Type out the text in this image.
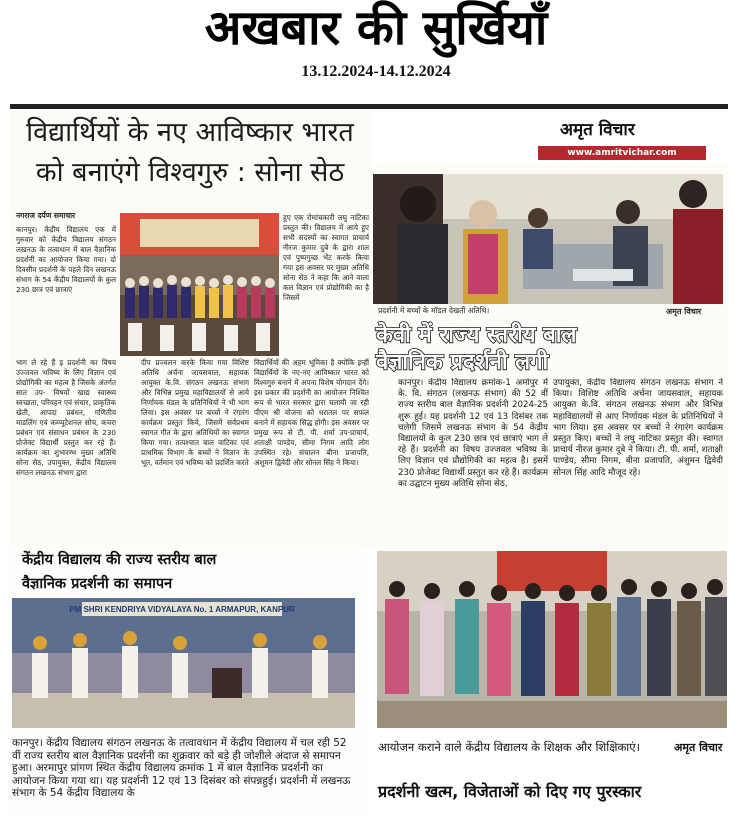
अखबार की सुर्खियाँ
13.12.2024-14.12.2024
विद्यार्थियों के नए आविष्कार भारत
को बनाएंगे विश्वगुरु : सोना सेठ
नगराज दर्पण समाचार
कानपुर। केंद्रीय विद्यालय एक में गुरुवार को केंद्रीय विद्यालय संगठन लखनऊ के तत्वाधान में बाल वैज्ञानिक प्रदर्शनी का आयोजन किया गया। दो दिवसीय प्रदर्शनी के पहले दिन लखनऊ संभाग के 54 केंद्रीय विद्यालयों के कुल 230 छात्र एवं छात्राएं
हुए एक रोमांचकारी लघु नाटिका प्रस्तुत की। विद्यालय में आये हुए सभी सदस्यों का स्वागत प्राचार्य नीरज कुमार दुबे के द्वारा शाल एवं पुष्पगुच्छ भेंट करके किया गया इस अवसर पर मुख्य अतिथि सोना सेठ ने कहा कि आने वाला कल विज्ञान एवं प्रोद्योगिकी का है जिसमें
भाग ले रहे हैं इ प्रदर्शनी का विषय उज्जवल भविष्य के लिए विज्ञान एवं प्रोद्योगिकी का महत्व है जिसके अंतर्गत सात उप- विषयों खाद्य स्वास्थ्य स्वच्छता, परिवहन एवं संचार, प्राकृतिक खेती, आपदा प्रबंधन, गणितीय माडलिंग एवं कम्प्यूटेशनल सोच, कचरा प्रबंधन एवं संसाधन प्रबंधन के 230 प्रोजेक्ट विद्यार्थी प्रस्तुत कर रहे हैं। कार्यक्रम का शुभारम्भ मुख्य अतिथि सोना सेठ, उपायुक्त, केंद्रीय विद्यालय संगठन लखनऊ संभाग द्वारा
दीप प्रज्वलन करके किया गया विशिष्ट अतिथि अर्चना जायसवाल, सहायक आयुक्त के.वि. संगठन लखनऊ संभाग और विभिन्न प्रमुख महाविद्यालयों से आये निर्णायक मंडल के प्रतिनिधियों ने भी भाग लिया। इस अवसर पर बच्चों ने रंगारंग कार्यक्रम प्रस्तुत किये, जिसमें सर्वप्रथम स्वागत गीत के द्वारा अतिथियों का स्वागत किया गया। तत्पश्चात बाल वाटिका एवं प्राथमिक विभाग के बच्चों ने विज्ञान के भूत, वर्तमान एवं भविष्य को प्रदर्शित करते
विद्यार्थियों की अहम भूमिका है क्योंकि इन्हीं विद्यार्थियों के नए-नए आविष्कार भारत को विश्वगुरु बनाने में अपना विशेष योगदान देंगे। इस प्रकार की प्रदर्शनी का आयोजन निश्चित रूप से भारत सरकार द्वारा चलायी जा रही पीएम श्री योजना को धरातल पर सफल बनाने में सहायक सिद्ध होगी। इस अवसर पर प्रमुख रूप से टी. पी. शर्मा उप-प्राचार्य, शताक्षी पाण्डेय, सीमा निगम आदि लोग उपस्थित रहे। संचालन बीना प्रजापति, अंशुमन द्विवेदी और सोनल सिंह ने किया।
अमृत विचार
www.amritvichar.com
प्रदर्शनी में बच्चों के मॉडल देखतीं अतिथि।	अमृत विचार
केवी में राज्य स्तरीय बाल
वैज्ञानिक प्रदर्शनी लगी
कानपुर। केंद्रीय विद्यालय क्रमांक-1 अर्मापुर में के. वि. संगठन (लखनऊ संभाग) की 52 वीं राज्य स्तरीय बाल वैज्ञानिक प्रदर्शनी 2024-25 शुरू हुई। यह प्रदर्शनी 12 एवं 13 दिसंबर तक चलेगी जिसमें लखनऊ संभाग के 54 केंद्रीय विद्यालयों के कुल 230 छात्र एवं छात्राएं भाग ले रहे हैं। प्रदर्शनी का विषय उज्जवल भविष्य के लिए विज्ञान एवं प्रौद्योगिकी का महत्व है। इसमें 230 प्रोजेक्ट विद्यार्थी प्रस्तुत कर रहे हैं। कार्यक्रम का उद्घाटन मुख्य अतिथि सोना सेठ,
उपायुक्त, केंद्रीय विद्यालय संगठन लखनऊ संभाग ने किया। विशिष्ट अतिथि अर्चना जायसवाल, सहायक आयुक्त के.वि. संगठन लखनऊ संभाग और विभिन्न महाविद्यालयों से आए निर्णायक मंडल के प्रतिनिधियों ने भाग लिया। इस अवसर पर बच्चों ने रंगारंग कार्यक्रम प्रस्तुत किए। बच्चों ने लघु नाटिका प्रस्तुत की। स्वागत प्राचार्य नीरज कुमार दुबे ने किया। टी. पी. शर्मा, शताक्षी पाण्डेय, सीमा निगम, बीना प्रजापति, अंशुमन द्विवेदी सोनल सिंह आदि मौजूद रहे।
केंद्रीय विद्यालय की राज्य स्तरीय बाल
वैज्ञानिक प्रदर्शनी का समापन
PM SHRI KENDRIYA VIDYALAYA No. 1 ARMAPUR, KANPUR
कानपुर। केंद्रीय विद्यालय संगठन लखनऊ के तत्वावधान में केंद्रीय विद्यालय में चल रही 52 वीं राज्य स्तरीय बाल वैज्ञानिक प्रदर्शनी का शुक्रवार को बड़े ही जोशीले अंदाज से समापन हुआ। अरमापुर प्रांगण स्थित केंद्रीय विद्यालय क्रमांक 1 में बाल वैज्ञानिक प्रदर्शनी का आयोजन किया गया था। यह प्रदर्शनी 12 एवं 13 दिसंबर को संपन्नहुई। प्रदर्शनी में लखनऊ संभाग के 54 केंद्रीय विद्यालय के
आयोजन कराने वाले केंद्रीय विद्यालय के शिक्षक और शिक्षिकाएं।	अमृत विचार
प्रदर्शनी खत्म, विजेताओं को दिए गए पुरस्कार
